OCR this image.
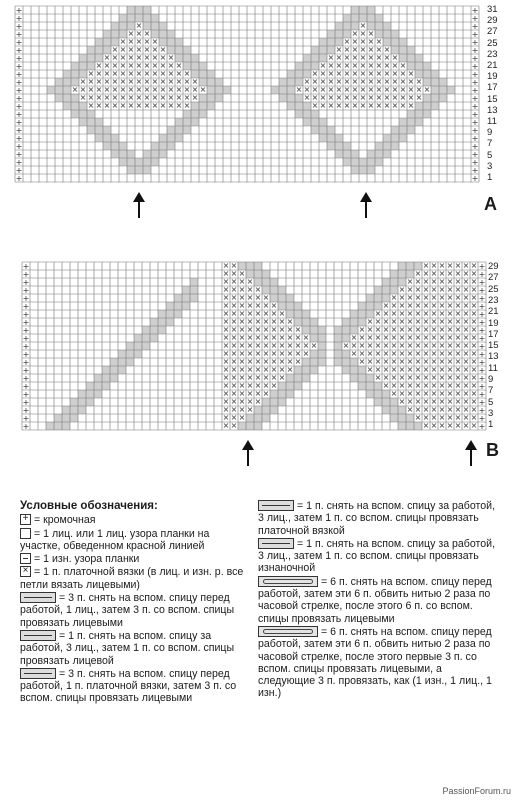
+	+
+	+
+	×	×	+
+	× × ×	× × ×	+
+	× × × × ×	× × × × ×	+
+	× × × × × × ×	× × × × × × ×	+
+	× × × × × × × × ×	× × × × × × × × ×	+
+	× × × × × × × × × × ×	× × × × × × × × × × ×	+
+	× × × × × × × × × × × × ×	× × × × × × × × × × × × ×	+
+	× × × × × × × × × × × × × × ×	× × × × × × × × × × × × × × ×	+
+	× × × × × × × × × × × × × × × × ×	× × × × × × × × × × × × × × × × ×	+
+	× × × × × × × × × × × × × × ×	× × × × × × × × × × × × × × ×	+
+	× × × × × × × × × × × × ×	× × × × × × × × × × × × ×	+
+	+
+	+
+	+
+	+
+	+
+	+
+	+
+	+
+	+
31
29
27
25
23
21
19
17
15
13
11
9
7
5
3
1
A
+	× ×	× × × × × × × +
+	× × ×	× × × × × × × × +
+	× × × ×	× × × × × × × × × +
+	× × × × ×	× × × × × × × × × × +
+	× × × × × ×	× × × × × × × × × × × +
+	× × × × × × ×	× × × × × × × × × × × × +
+	× × × × × × × ×	× × × × × × × × × × × × × +
+	× × × × × × × × ×	× × × × × × × × × × × × × × +
+	× × × × × × × × × ×	× × × × × × × × × × × × × × × +
+	× × × × × × × × × × ×	× × × × × × × × × × × × × × × × +
+	× × × × × × × × × × × ×	× × × × × × × × × × × × × × × × × +
+	× × × × × × × × × × ×	× × × × × × × × × × × × × × × × +
+	× × × × × × × × × ×	× × × × × × × × × × × × × × × +
+	× × × × × × × × ×	× × × × × × × × × × × × × × +
+	× × × × × × × ×	× × × × × × × × × × × × × +
+	× × × × × × ×	× × × × × × × × × × × × +
+	× × × × × ×	× × × × × × × × × × × +
+	× × × × ×	× × × × × × × × × × +
+	× × × ×	× × × × × × × × × +
+	× × ×	× × × × × × × × +
+	× ×	× × × × × × × +
29
27
25
23
21
19
17
15
13
11
9
7
5
3
1
B
Условные обозначения:
+= кромочная
= 1 лиц. или 1 лиц. узора планки на участке, обведенном красной линией
= 1 изн. узора планки
×= 1 п. платочной вязки (в лиц. и изн. р. все петли вязать лицевыми)
= 3 п. снять на вспом. спицу перед работой, 1 лиц., затем 3 п. со вспом. спицы провязать лицевыми
= 1 п. снять на вспом. спицу за работой, 3 лиц., затем 1 п. со вспом. спицы провязать лицевой
= 3 п. снять на вспом. спицу перед работой, 1 п. платочной вязки, затем 3 п. со вспом. спицы провязать лицевыми
= 1 п. снять на вспом. спицу за работой, 3 лиц., затем 1 п. со вспом. спицы провязать платочной вязкой
= 1 п. снять на вспом. спицу за работой, 3 лиц., затем 1 п. со вспом. спицы провязать изнаночной
= 6 п. снять на вспом. спицу перед работой, затем эти 6 п. обвить нитью 2 раза по часовой стрелке, после этого 6 п. со вспом. спицы провязать лицевыми
= 6 п. снять на вспом. спицу перед работой, затем эти 6 п. обвить нитью 2 раза по часовой стрелке, после этого первые 3 п. со вспом. спицы провязать лицевыми, а следующие 3 п. провязать, как (1 изн., 1 лиц., 1 изн.)
PassionForum.ru
